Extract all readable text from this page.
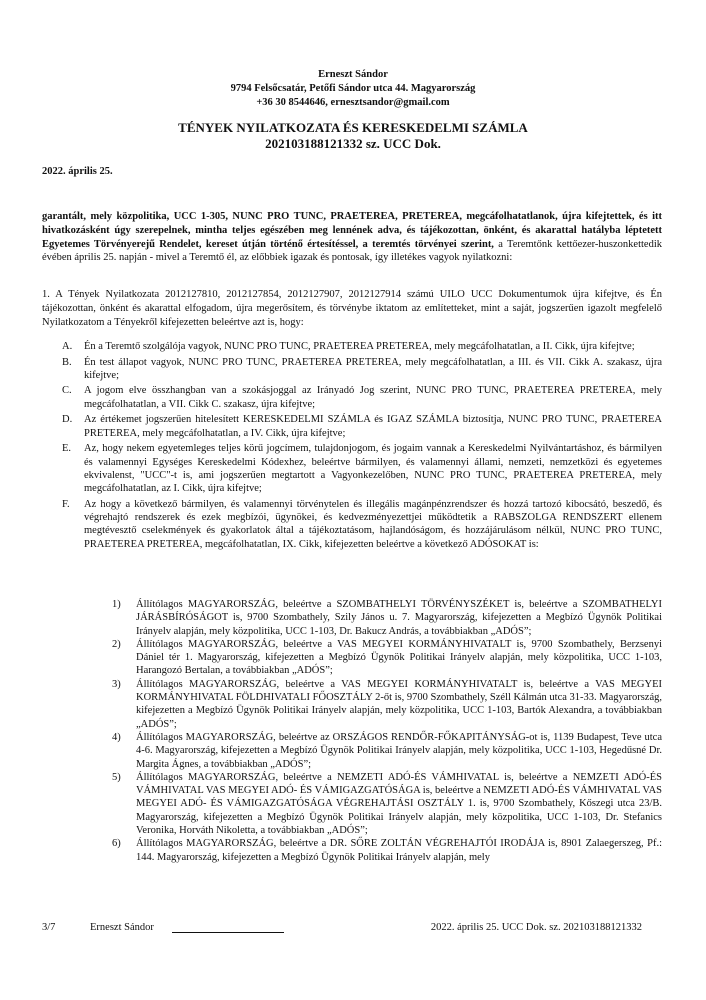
Erneszt Sándor
9794 Felsőcsatár, Petőfi Sándor utca 44. Magyarország
+36 30 8544646, ernesztsandor@gmail.com
TÉNYEK NYILATKOZATA ÉS KERESKEDELMI SZÁMLA
202103188121332 sz. UCC Dok.
2022. április 25.

garantált, mely közpolitika, UCC 1-305, NUNC PRO TUNC, PRAETEREA, PRETEREA, megcáfolhatatlanok, újra kifejtettek, és itt hivatkozásként úgy szerepelnek, mintha teljes egészében meg lennének adva, és tájékozottan, önként, és akarattal hatályba léptetett Egyetemes Törvényerejű Rendelet, kereset útján történő értesítéssel, a teremtés törvényei szerint, a Teremtőnk kettőezer-huszonkettedik évében április 25. napján - mivel a Teremtő él, az előbbiek igazak és pontosak, így illetékes vagyok nyilatkozni:

1. A Tények Nyilatkozata 2012127810, 2012127854, 2012127907, 2012127914 számú UILO UCC Dokumentumok újra kifejtve, és Én tájékozottan, önként és akarattal elfogadom, újra megerősítem, és törvénybe iktatom az említetteket, mint a saját, jogszerűen igazolt megfelelő Nyilatkozatom a Tényekről kifejezetten beleértve azt is, hogy:

A. Én a Teremtő szolgálója vagyok, NUNC PRO TUNC, PRAETEREA PRETEREA, mely megcáfolhatatlan, a II. Cikk, újra kifejtve;
B. Én test állapot vagyok, NUNC PRO TUNC, PRAETEREA PRETEREA, mely megcáfolhatatlan, a III. és VII. Cikk A. szakasz, újra kifejtve;
C. A jogom elve összhangban van a szokásjoggal az Irányadó Jog szerint, NUNC PRO TUNC, PRAETEREA PRETEREA, mely megcáfolhatatlan, a VII. Cikk C. szakasz, újra kifejtve;
D. Az értékemet jogszerűen hitelesített KERESKEDELMI SZÁMLA és IGAZ SZÁMLA biztosítja, NUNC PRO TUNC, PRAETEREA PRETEREA, mely megcáfolhatatlan, a IV. Cikk, újra kifejtve;
E. Az, hogy nekem egyetemleges teljes körű jogcímem, tulajdonjogom, és jogaim vannak a Kereskedelmi Nyilvántartáshoz, és bármilyen és valamennyi Egységes Kereskedelmi Kódexhez, beleértve bármilyen, és valamennyi állami, nemzeti, nemzetközi és egyetemes ekvivalenst, "UCC"-t is, ami jogszerűen megtartott a Vagyonkezelőben, NUNC PRO TUNC, PRAETEREA PRETEREA, mely megcáfolhatatlan, az I. Cikk, újra kifejtve;
F. Az hogy a következő bármilyen, és valamennyi törvénytelen és illegális magánpénzrendszer és hozzá tartozó kibocsátó, beszedő, és végrehajtó rendszerek és ezek megbízói, ügynökei, és kedvezményezettjei működtetik a RABSZOLGA RENDSZERT ellenem megtévesztő cselekmények és gyakorlatok által a tájékoztatásom, hajlandóságom, és hozzájárulásom nélkül, NUNC PRO TUNC, PRAETEREA PRETEREA, megcáfolhatatlan, IX. Cikk, kifejezetten beleértve a következő ADÓSOKAT is:
1) Állítólagos MAGYARORSZÁG, beleértve a SZOMBATHELYI TÖRVÉNYSZÉKET is, beleértve a SZOMBATHELYI JÁRÁSBÍRÓSÁGOT is, 9700 Szombathely, Szily János u. 7. Magyarország, kifejezetten a Megbízó Ügynök Politikai Irányelv alapján, mely közpolitika, UCC 1-103, Dr. Bakucz András, a továbbiakban „ADÓS”;
2) Állítólagos MAGYARORSZÁG, beleértve a VAS MEGYEI KORMÁNYHIVATALT is, 9700 Szombathely, Berzsenyi Dániel tér 1. Magyarország, kifejezetten a Megbízó Ügynök Politikai Irányelv alapján, mely közpolitika, UCC 1-103, Harangozó Bertalan, a továbbiakban „ADÓS”;
3) Állítólagos MAGYARORSZÁG, beleértve a VAS MEGYEI KORMÁNYHIVATALT is, beleértve a VAS MEGYEI KORMÁNYHIVATAL FÖLDHIVATALI FŐOSZTÁLY 2-őt is, 9700 Szombathely, Széll Kálmán utca 31-33. Magyarország, kifejezetten a Megbízó Ügynök Politikai Irányelv alapján, mely közpolitika, UCC 1-103, Bartók Alexandra, a továbbiakban „ADÓS”;
4) Állítólagos MAGYARORSZÁG, beleértve az ORSZÁGOS RENDŐR-FŐKAPITÁNYSÁG-ot is, 1139 Budapest, Teve utca 4-6. Magyarország, kifejezetten a Megbízó Ügynök Politikai Irányelv alapján, mely közpolitika, UCC 1-103, Hegedűsné Dr. Margita Ágnes, a továbbiakban „ADÓS”;
5) Állítólagos MAGYARORSZÁG, beleértve a NEMZETI ADÓ-ÉS VÁMHIVATAL is, beleértve a NEMZETI ADÓ-ÉS VÁMHIVATAL VAS MEGYEI ADÓ- ÉS VÁMIGAZGATÓSÁGA is, beleértve a NEMZETI ADÓ-ÉS VÁMHIVATAL VAS MEGYEI ADÓ- ÉS VÁMIGAZGATÓSÁGA VÉGREHAJTÁSI OSZTÁLY 1. is, 9700 Szombathely, Kőszegi utca 23/B. Magyarország, kifejezetten a Megbízó Ügynök Politikai Irányelv alapján, mely közpolitika, UCC 1-103, Dr. Stefanics Veronika, Horváth Nikoletta, a továbbiakban „ADÓS”;
6) Állítólagos MAGYARORSZÁG, beleértve a DR. SŐRE ZOLTÁN VÉGREHAJTÓI IRODÁJA is, 8901 Zalaegerszeg, Pf.: 144. Magyarország, kifejezetten a Megbízó Ügynök Politikai Irányelv alapján, mely
3/7	Erneszt Sándor	2022. április 25. UCC Dok. sz. 202103188121332
